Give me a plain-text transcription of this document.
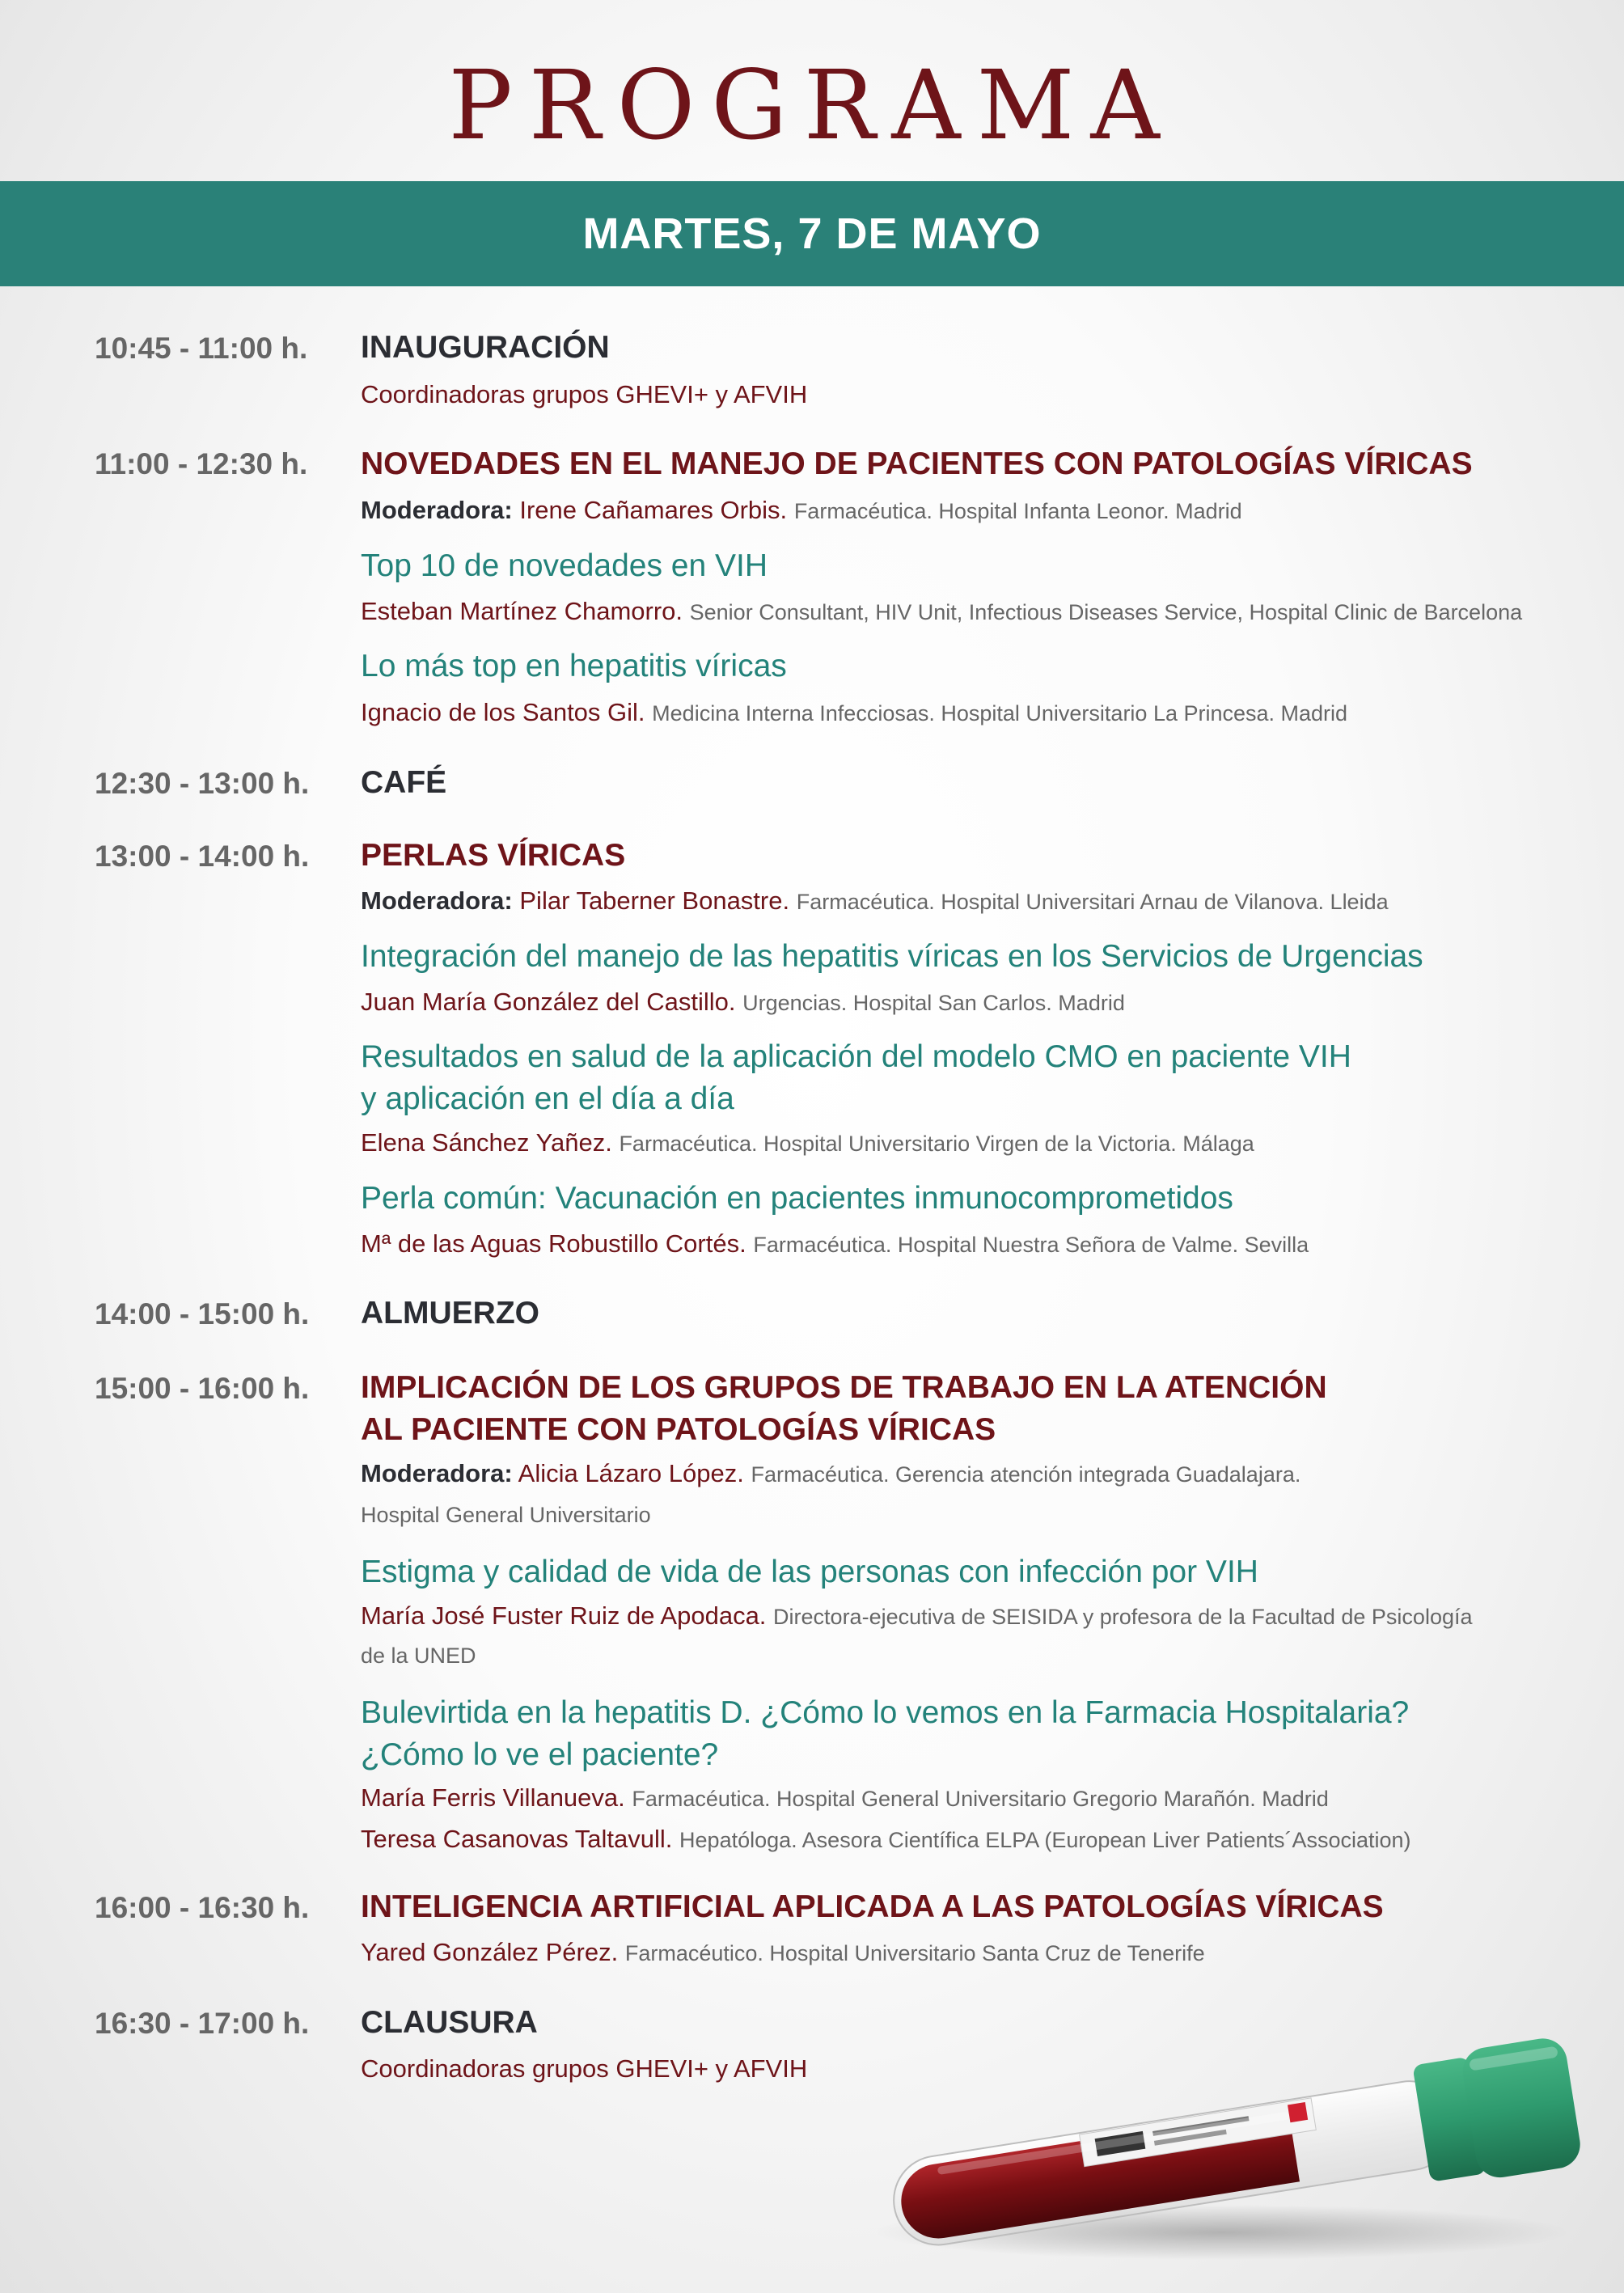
PROGRAMA
MARTES, 7 DE MAYO
10:45 - 11:00 h.	INAUGURACIÓN
Coordinadoras grupos GHEVI+ y AFVIH
11:00 - 12:30 h.	NOVEDADES EN EL MANEJO DE PACIENTES CON PATOLOGÍAS VÍRICAS
Moderadora: Irene Cañamares Orbis. Farmacéutica. Hospital Infanta Leonor. Madrid
Top 10 de novedades en VIH
Esteban Martínez Chamorro. Senior Consultant, HIV Unit, Infectious Diseases Service, Hospital Clinic de Barcelona
Lo más top en hepatitis víricas
Ignacio de los Santos Gil. Medicina Interna Infecciosas. Hospital Universitario La Princesa. Madrid
12:30 - 13:00 h.	CAFÉ
13:00 - 14:00 h.	PERLAS VÍRICAS
Moderadora: Pilar Taberner Bonastre. Farmacéutica. Hospital Universitari Arnau de Vilanova. Lleida
Integración del manejo de las hepatitis víricas en los Servicios de Urgencias
Juan María González del Castillo. Urgencias. Hospital San Carlos. Madrid
Resultados en salud de la aplicación del modelo CMO en paciente VIH
y aplicación en el día a día
Elena Sánchez Yañez. Farmacéutica. Hospital Universitario Virgen de la Victoria. Málaga
Perla común: Vacunación en pacientes inmunocomprometidos
Mª de las Aguas Robustillo Cortés. Farmacéutica. Hospital Nuestra Señora de Valme. Sevilla
14:00 - 15:00 h.	ALMUERZO
15:00 - 16:00 h.	IMPLICACIÓN DE LOS GRUPOS DE TRABAJO EN LA ATENCIÓN
AL PACIENTE CON PATOLOGÍAS VÍRICAS
Moderadora: Alicia Lázaro López. Farmacéutica. Gerencia atención integrada Guadalajara.
Hospital General Universitario
Estigma y calidad de vida de las personas con infección por VIH
María José Fuster Ruiz de Apodaca. Directora-ejecutiva de SEISIDA y profesora de la Facultad de Psicología
de la UNED
Bulevirtida en la hepatitis D. ¿Cómo lo vemos en la Farmacia Hospitalaria?
¿Cómo lo ve el paciente?
María Ferris Villanueva. Farmacéutica. Hospital General Universitario Gregorio Marañón. Madrid
Teresa Casanovas Taltavull. Hepatóloga. Asesora Científica ELPA (European Liver Patients´Association)
16:00 - 16:30 h.	INTELIGENCIA ARTIFICIAL APLICADA A LAS PATOLOGÍAS VÍRICAS
Yared González Pérez. Farmacéutico. Hospital Universitario Santa Cruz de Tenerife
16:30 - 17:00 h.	CLAUSURA
Coordinadoras grupos GHEVI+ y AFVIH
